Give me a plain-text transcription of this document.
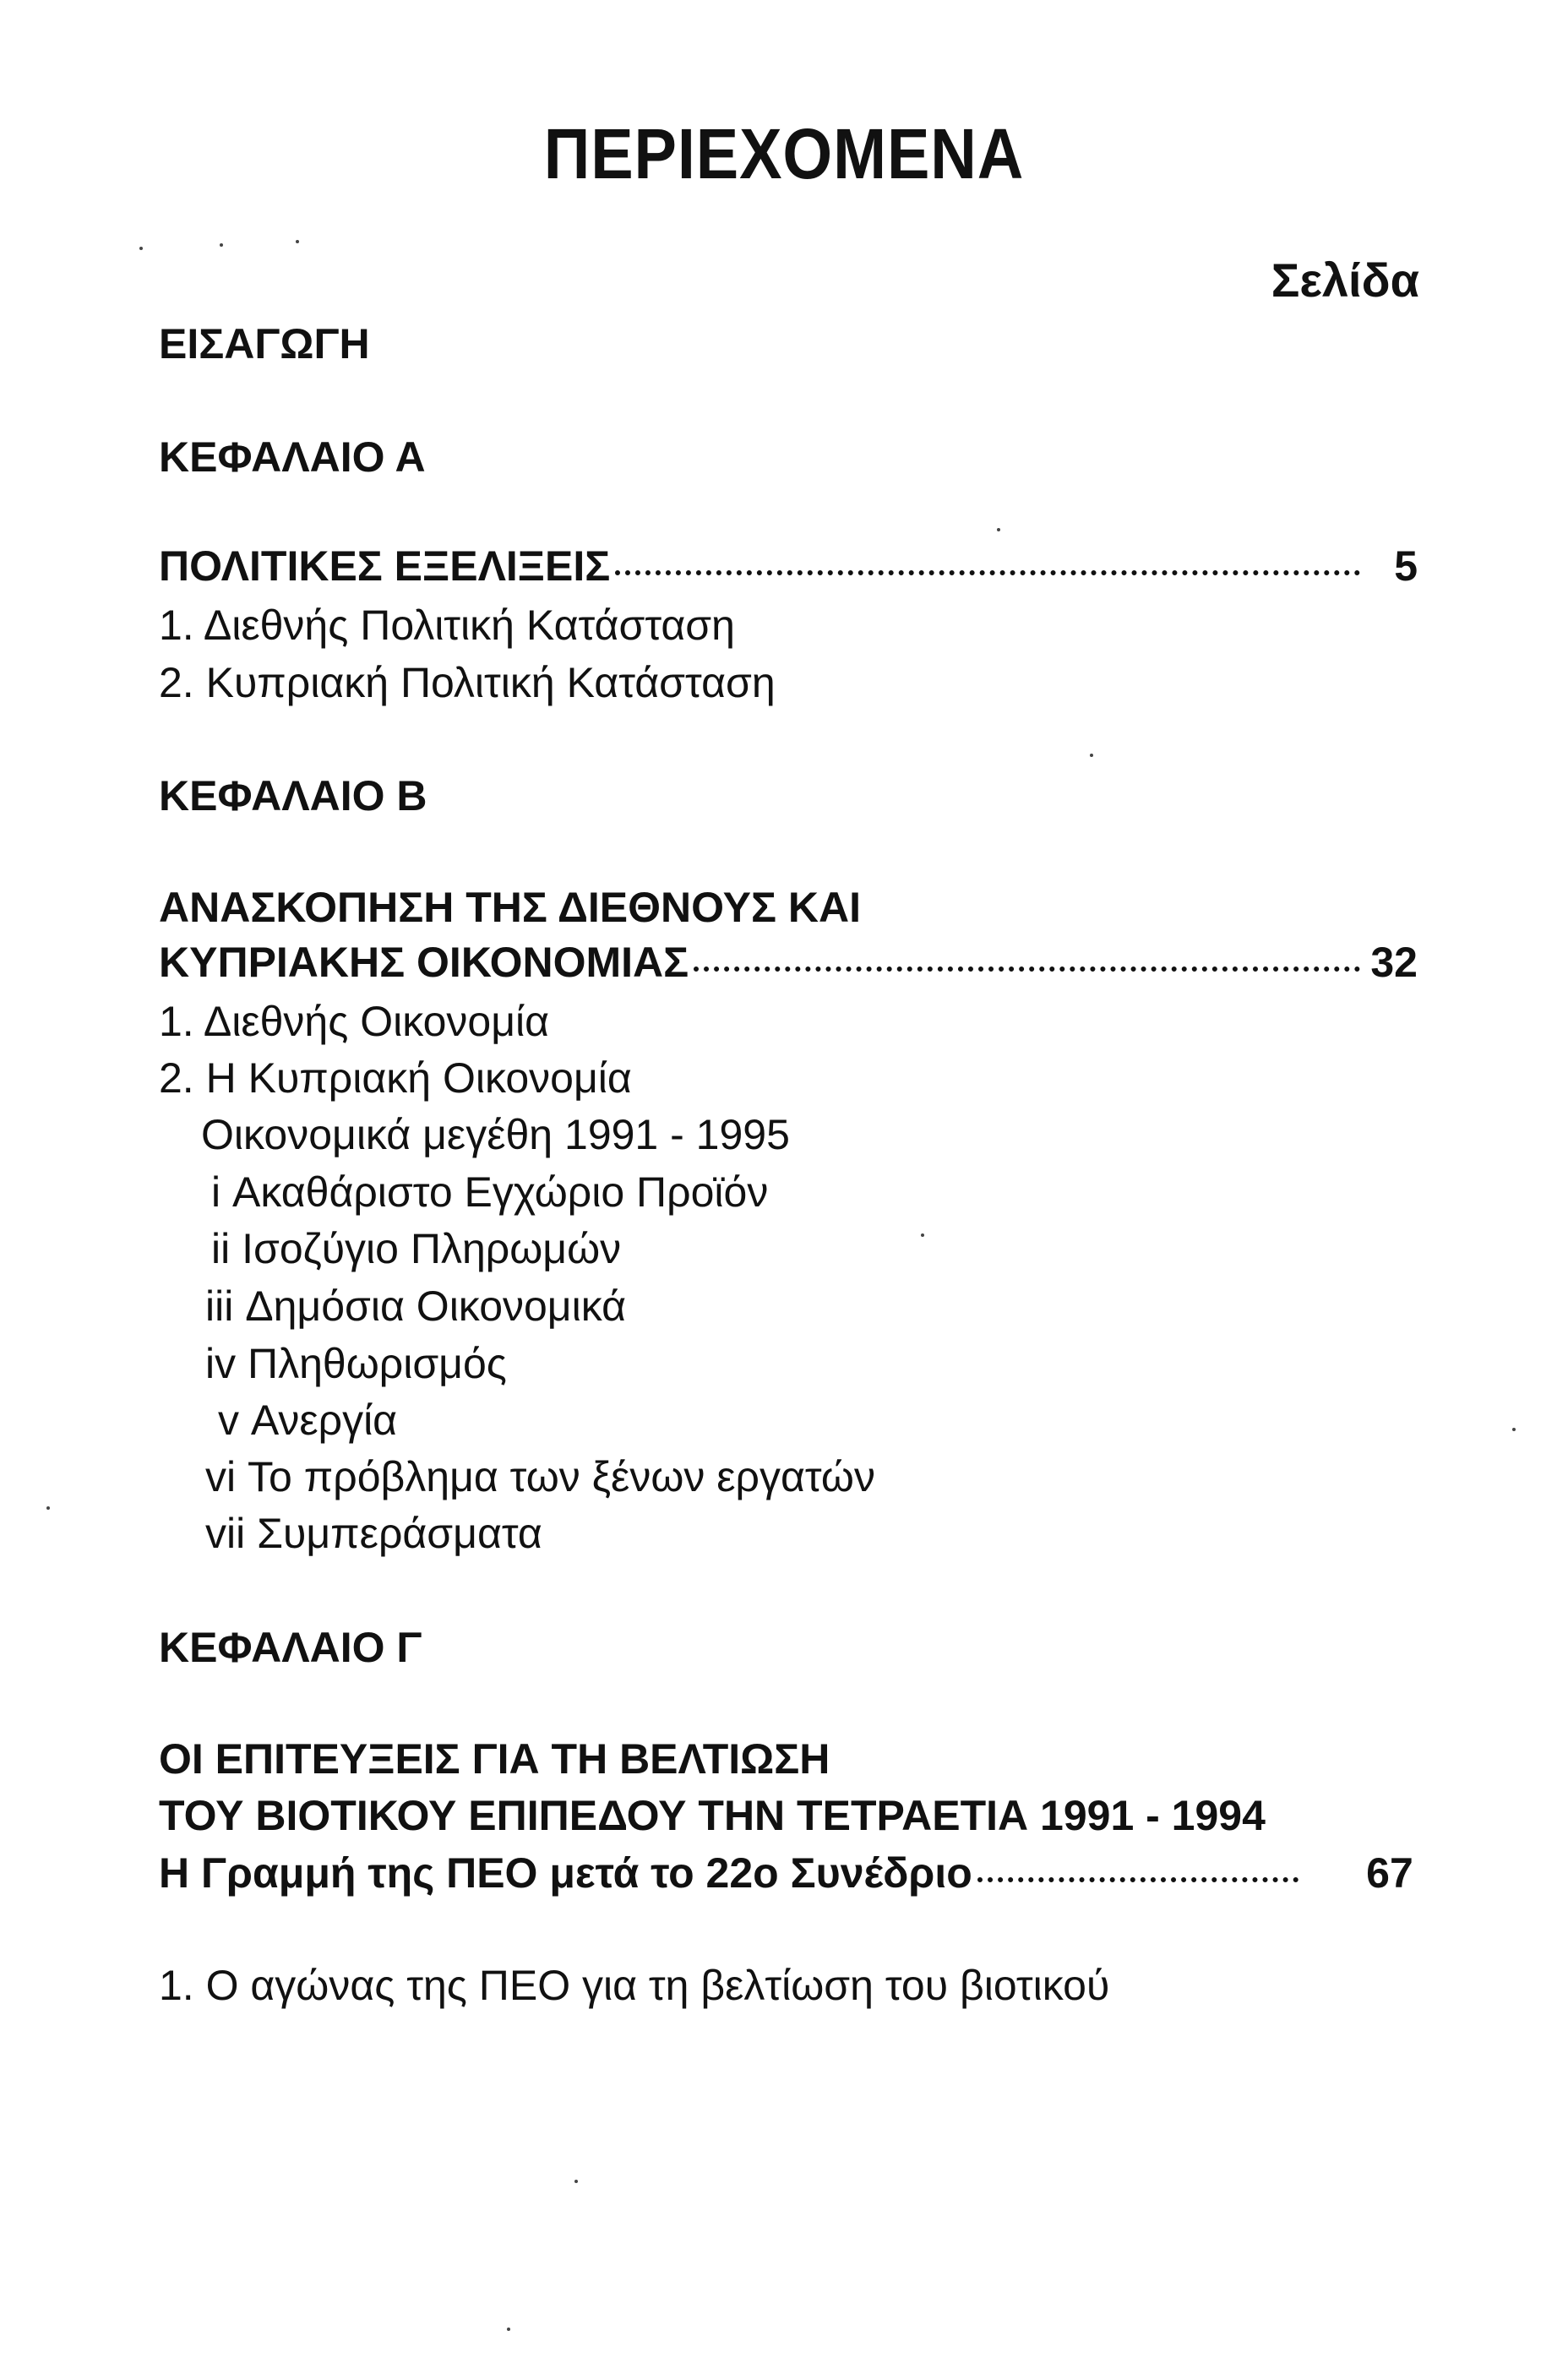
ΠΕΡΙΕΧΟΜΕΝΑ
Σελίδα
ΕΙΣΑΓΩΓΗ
ΚΕΦΑΛΑΙΟ Α
ΠΟΛΙΤΙΚΕΣ ΕΞΕΛΙΞΕΙΣ	5
1. Διεθνής Πολιτική Κατάσταση
2. Κυπριακή Πολιτική Κατάσταση
ΚΕΦΑΛΑΙΟ Β
ΑΝΑΣΚΟΠΗΣΗ ΤΗΣ ΔΙΕΘΝΟΥΣ ΚΑΙ
ΚΥΠΡΙΑΚΗΣ ΟΙΚΟΝΟΜΙΑΣ	32
1. Διεθνής Οικονομία
2. Η Κυπριακή Οικονομία
Οικονομικά μεγέθη 1991 - 1995
i Ακαθάριστο Εγχώριο Προϊόν
ii Ισοζύγιο Πληρωμών
iii Δημόσια Οικονομικά
iv Πληθωρισμός
v Ανεργία
vi Το πρόβλημα των ξένων εργατών
vii Συμπεράσματα
ΚΕΦΑΛΑΙΟ Γ
ΟΙ ΕΠΙΤΕΥΞΕΙΣ ΓΙΑ ΤΗ ΒΕΛΤΙΩΣΗ
ΤΟΥ ΒΙΟΤΙΚΟΥ ΕΠΙΠΕΔΟΥ ΤΗΝ ΤΕΤΡΑΕΤΙΑ 1991 - 1994
Η Γραμμή της ΠΕΟ μετά το 22ο Συνέδριο	67
1. Ο αγώνας της ΠΕΟ για τη βελτίωση του βιοτικού
